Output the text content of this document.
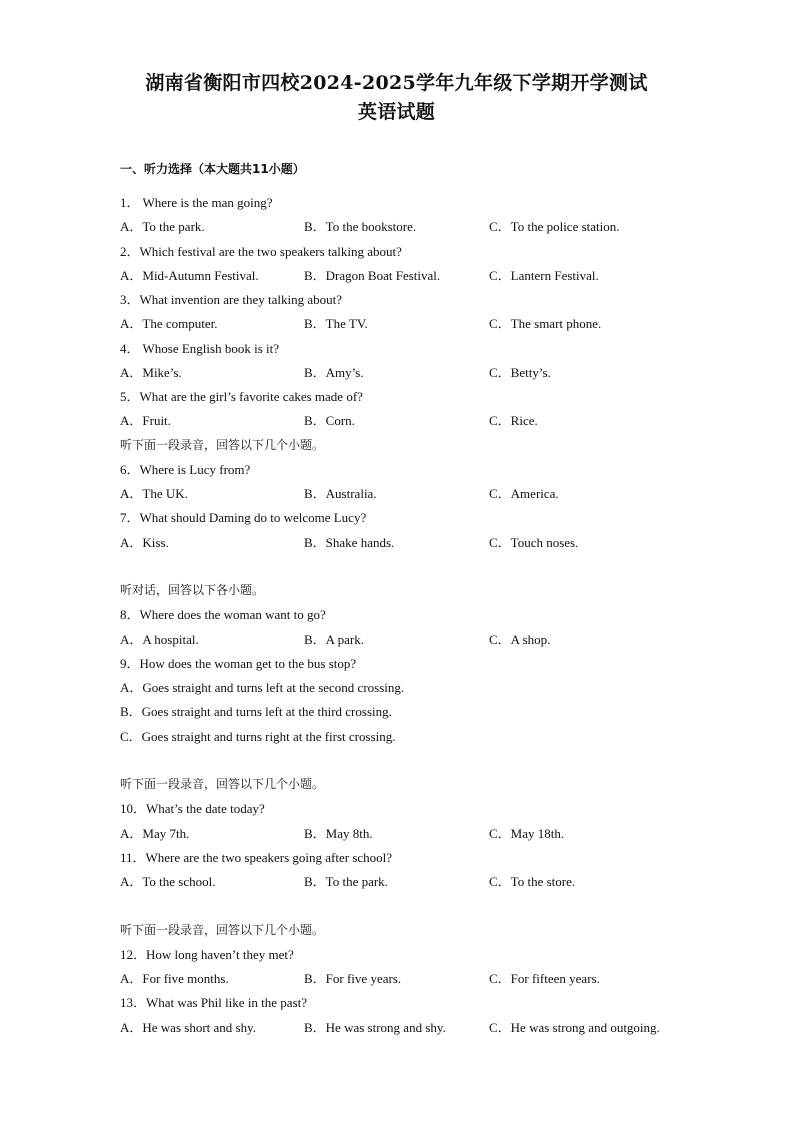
湖南省衡阳市四校2024-2025学年九年级下学期开学测试
英语试题
一、听力选择（本大题共11小题）
1． Where is the man going?
A．To the park.	B．To the bookstore.	C．To the police station.
2．Which festival are the two speakers talking about?
A．Mid-Autumn Festival.	B．Dragon Boat Festival.	C．Lantern Festival.
3．What invention are they talking about?
A．The computer.	B．The TV.	C．The smart phone.
4． Whose English book is it?
A．Mike’s.	B．Amy’s.	C．Betty’s.
5．What are the girl’s favorite cakes made of?
A．Fruit.	B．Corn.	C．Rice.
听下面一段录音，回答以下几个小题。
6．Where is Lucy from?
A．The UK.	B．Australia.	C．America.
7．What should Daming do to welcome Lucy?
A．Kiss.	B．Shake hands.	C．Touch noses.
听对话，回答以下各小题。
8．Where does the woman want to go?
A．A hospital.	B．A park.	C．A shop.
9．How does the woman get to the bus stop?
A．Goes straight and turns left at the second crossing.
B．Goes straight and turns left at the third crossing.
C．Goes straight and turns right at the first crossing.
听下面一段录音，回答以下几个小题。
10．What’s the date today?
A．May 7th.	B．May 8th.	C．May 18th.
11．Where are the two speakers going after school?
A．To the school.	B．To the park.	C．To the store.
听下面一段录音，回答以下几个小题。
12．How long haven’t they met?
A．For five months.	B．For five years.	C．For fifteen years.
13．What was Phil like in the past?
A．He was short and shy.	B．He was strong and shy.	C．He was strong and outgoing.
